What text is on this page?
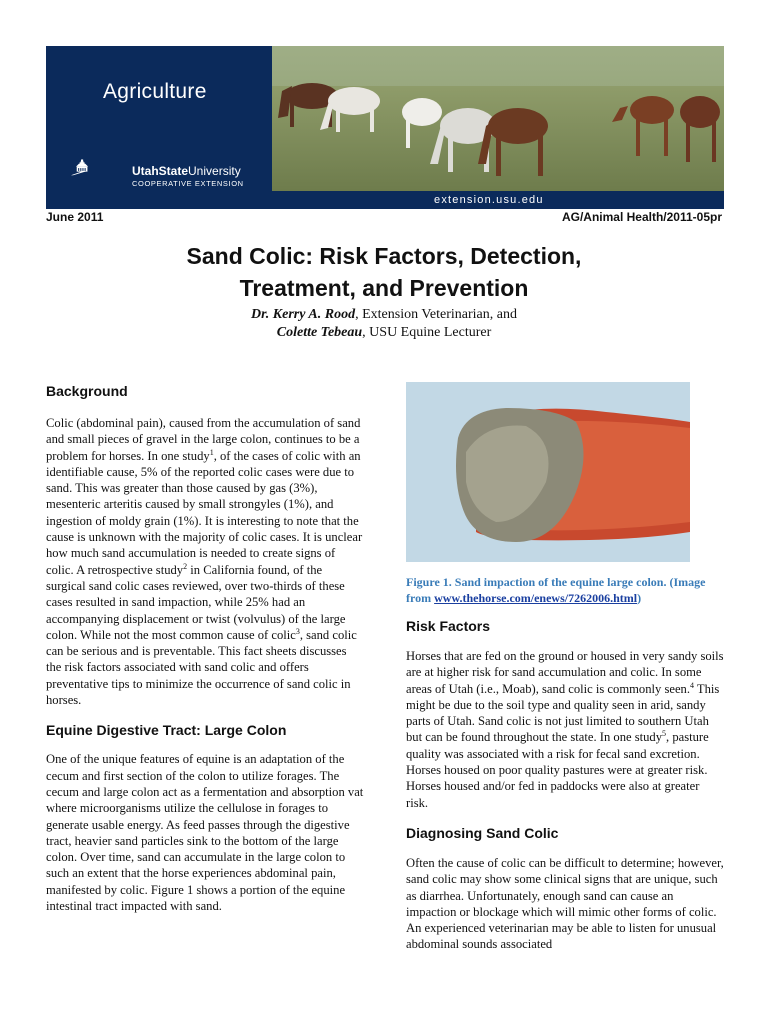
Agriculture
UtahStateUniversity
COOPERATIVE EXTENSION
extension.usu.edu
June 2011	AG/Animal Health/2011-05pr
Sand Colic: Risk Factors, Detection,
Treatment, and Prevention
Dr. Kerry A. Rood, Extension Veterinarian, and
Colette Tebeau, USU Equine Lecturer
Background

Colic (abdominal pain), caused from the accumulation of sand and small pieces of gravel in the large colon, continues to be a problem for horses. In one study$^1$, of the cases of colic with an identifiable cause, 5% of the reported colic cases were due to sand. This was greater than those caused by gas (3%), mesenteric arteritis caused by small strongyles (1%), and ingestion of moldy grain (1%). It is interesting to note that the cause is unknown with the majority of colic cases. It is unclear how much sand accumulation is needed to create signs of colic. A retrospective study$^2$ in California found, of the surgical sand colic cases reviewed, over two-thirds of these cases resulted in sand impaction, while 25% had an accompanying displacement or twist (volvulus) of the large colon. While not the most common cause of colic$^3$, sand colic can be serious and is preventable. This fact sheets discusses the risk factors associated with sand colic and offers preventative tips to minimize the occurrence of sand colic in horses.

Equine Digestive Tract: Large Colon

One of the unique features of equine is an adaptation of the cecum and first section of the colon to utilize forages. The cecum and large colon act as a fermentation and absorption vat where microorganisms utilize the cellulose in forages to generate usable energy. As feed passes through the digestive tract, heavier sand particles sink to the bottom of the large colon. Over time, sand can accumulate in the large colon to such an extent that the horse experiences abdominal pain, manifested by colic. Figure 1 shows a portion of the equine intestinal tract impacted with sand.

Figure 1. Sand impaction of the equine large colon. (Image from www.thehorse.com/enews/7262006.html)
Risk Factors

Horses that are fed on the ground or housed in very sandy soils are at higher risk for sand accumulation and colic. In some areas of Utah (i.e., Moab), sand colic is commonly seen.$^4$ This might be due to the soil type and quality seen in arid, sandy parts of Utah. Sand colic is not just limited to southern Utah but can be found throughout the state. In one study$^5$, pasture quality was associated with a risk for fecal sand excretion. Horses housed on poor quality pastures were at greater risk. Horses housed and/or fed in paddocks were also at greater risk.

Diagnosing Sand Colic

Often the cause of colic can be difficult to determine; however, sand colic may show some clinical signs that are unique, such as diarrhea. Unfortunately, enough sand can cause an impaction or blockage which will mimic other forms of colic. An experienced veterinarian may be able to listen for unusual abdominal sounds associated
